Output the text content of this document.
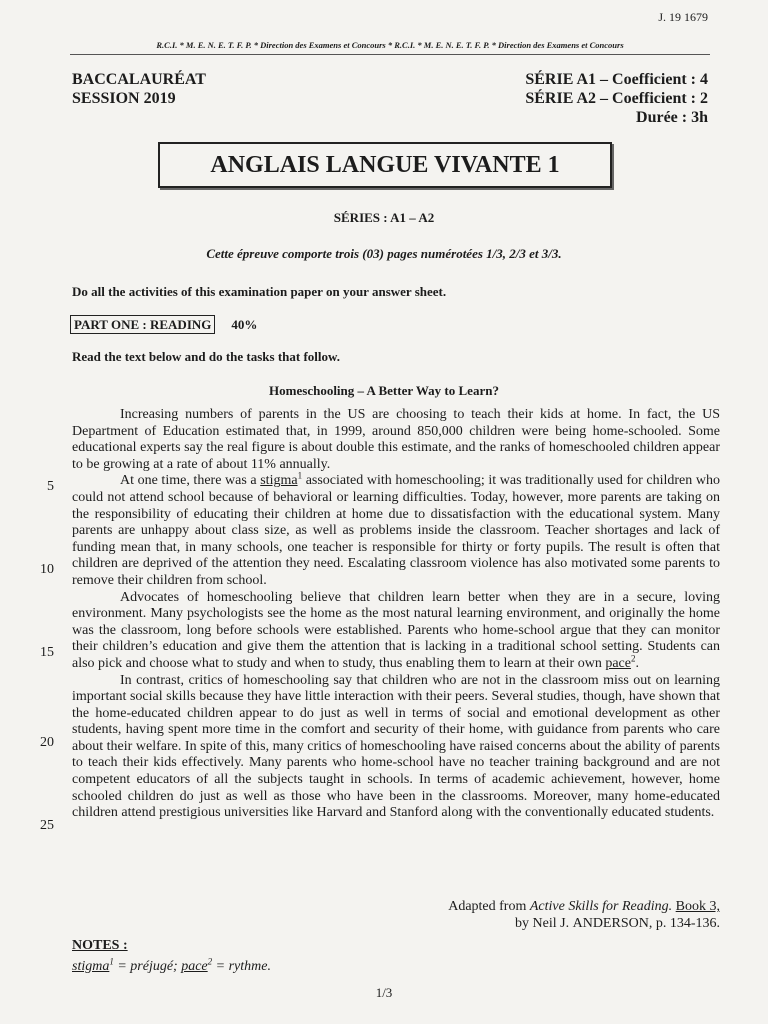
J. 19 1679
R.C.I. * M. E. N. E. T. F. P. * Direction des Examens et Concours * R.C.I. * M. E. N. E. T. F. P. * Direction des Examens et Concours
BACCALAURÉAT
SESSION 2019
SÉRIE A1 – Coefficient : 4
SÉRIE A2 – Coefficient : 2
Durée : 3h
ANGLAIS LANGUE VIVANTE 1
SÉRIES : A1 – A2
Cette épreuve comporte trois (03) pages numérotées 1/3, 2/3 et 3/3.
Do all the activities of this examination paper on your answer sheet.
PART ONE : READING 40%
Read the text below and do the tasks that follow.
Homeschooling – A Better Way to Learn?
5
10
15
20
25

Increasing numbers of parents in the US are choosing to teach their kids at home. In fact, the US Department of Education estimated that, in 1999, around 850,000 children were being home-schooled. Some educational experts say the real figure is about double this estimate, and the ranks of homeschooled children appear to be growing at a rate of about 11% annually.

At one time, there was a stigma$^1$ associated with homeschooling; it was traditionally used for children who could not attend school because of behavioral or learning difficulties. Today, however, more parents are taking on the responsibility of educating their children at home due to dissatisfaction with the educational system. Many parents are unhappy about class size, as well as problems inside the classroom. Teacher shortages and lack of funding mean that, in many schools, one teacher is responsible for thirty or forty pupils. The result is often that children are deprived of the attention they need. Escalating classroom violence has also motivated some parents to remove their children from school.

Advocates of homeschooling believe that children learn better when they are in a secure, loving environment. Many psychologists see the home as the most natural learning environment, and originally the home was the classroom, long before schools were established. Parents who home-school argue that they can monitor their children’s education and give them the attention that is lacking in a traditional school setting. Students can also pick and choose what to study and when to study, thus enabling them to learn at their own pace$^2$.

In contrast, critics of homeschooling say that children who are not in the classroom miss out on learning important social skills because they have little interaction with their peers. Several studies, though, have shown that the home-educated children appear to do just as well in terms of social and emotional development as other students, having spent more time in the comfort and security of their home, with guidance from parents who care about their welfare. In spite of this, many critics of homeschooling have raised concerns about the ability of parents to teach their kids effectively. Many parents who home-school have no teacher training background and are not competent educators of all the subjects taught in schools. In terms of academic achievement, however, home schooled children do just as well as those who have been in the classrooms. Moreover, many home-educated children attend prestigious universities like Harvard and Stanford along with the conventionally educated students.

Adapted from Active Skills for Reading. Book 3,
by Neil J. ANDERSON, p. 134-136.
NOTES :
stigma$^1$ = préjugé; pace$^2$ = rythme.
1/3
